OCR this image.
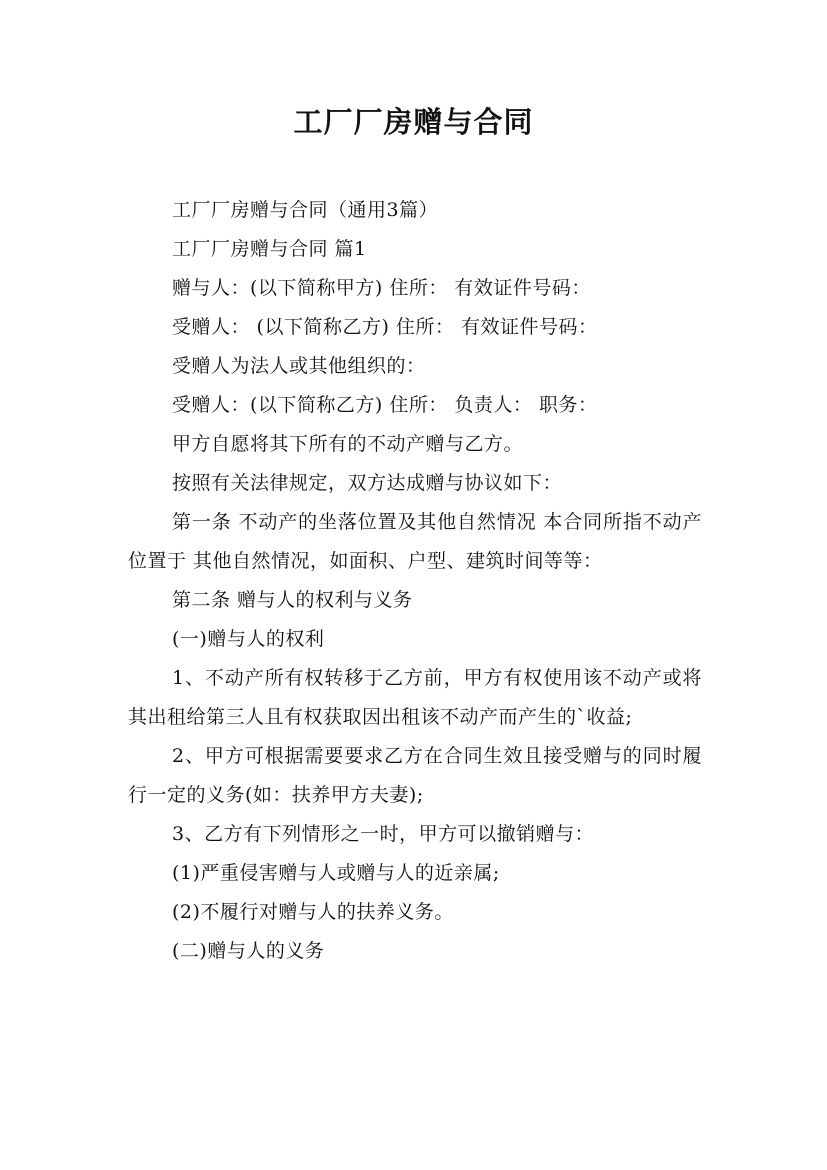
工厂厂房赠与合同

工厂厂房赠与合同（通用3篇）

工厂厂房赠与合同 篇1

赠与人：(以下简称甲方) 住所： 有效证件号码：

受赠人： (以下简称乙方) 住所： 有效证件号码：

受赠人为法人或其他组织的：

受赠人：(以下简称乙方) 住所： 负责人： 职务：

甲方自愿将其下所有的不动产赠与乙方。

按照有关法律规定，双方达成赠与协议如下：

第一条 不动产的坐落位置及其他自然情况 本合同所指不动产位置于 其他自然情况，如面积、户型、建筑时间等等：

第二条 赠与人的权利与义务

(一)赠与人的权利

1、不动产所有权转移于乙方前，甲方有权使用该不动产或将其出租给第三人且有权获取因出租该不动产而产生的`收益;

2、甲方可根据需要要求乙方在合同生效且接受赠与的同时履行一定的义务(如：扶养甲方夫妻);

3、乙方有下列情形之一时，甲方可以撤销赠与：

(1)严重侵害赠与人或赠与人的近亲属;

(2)不履行对赠与人的扶养义务。

(二)赠与人的义务
